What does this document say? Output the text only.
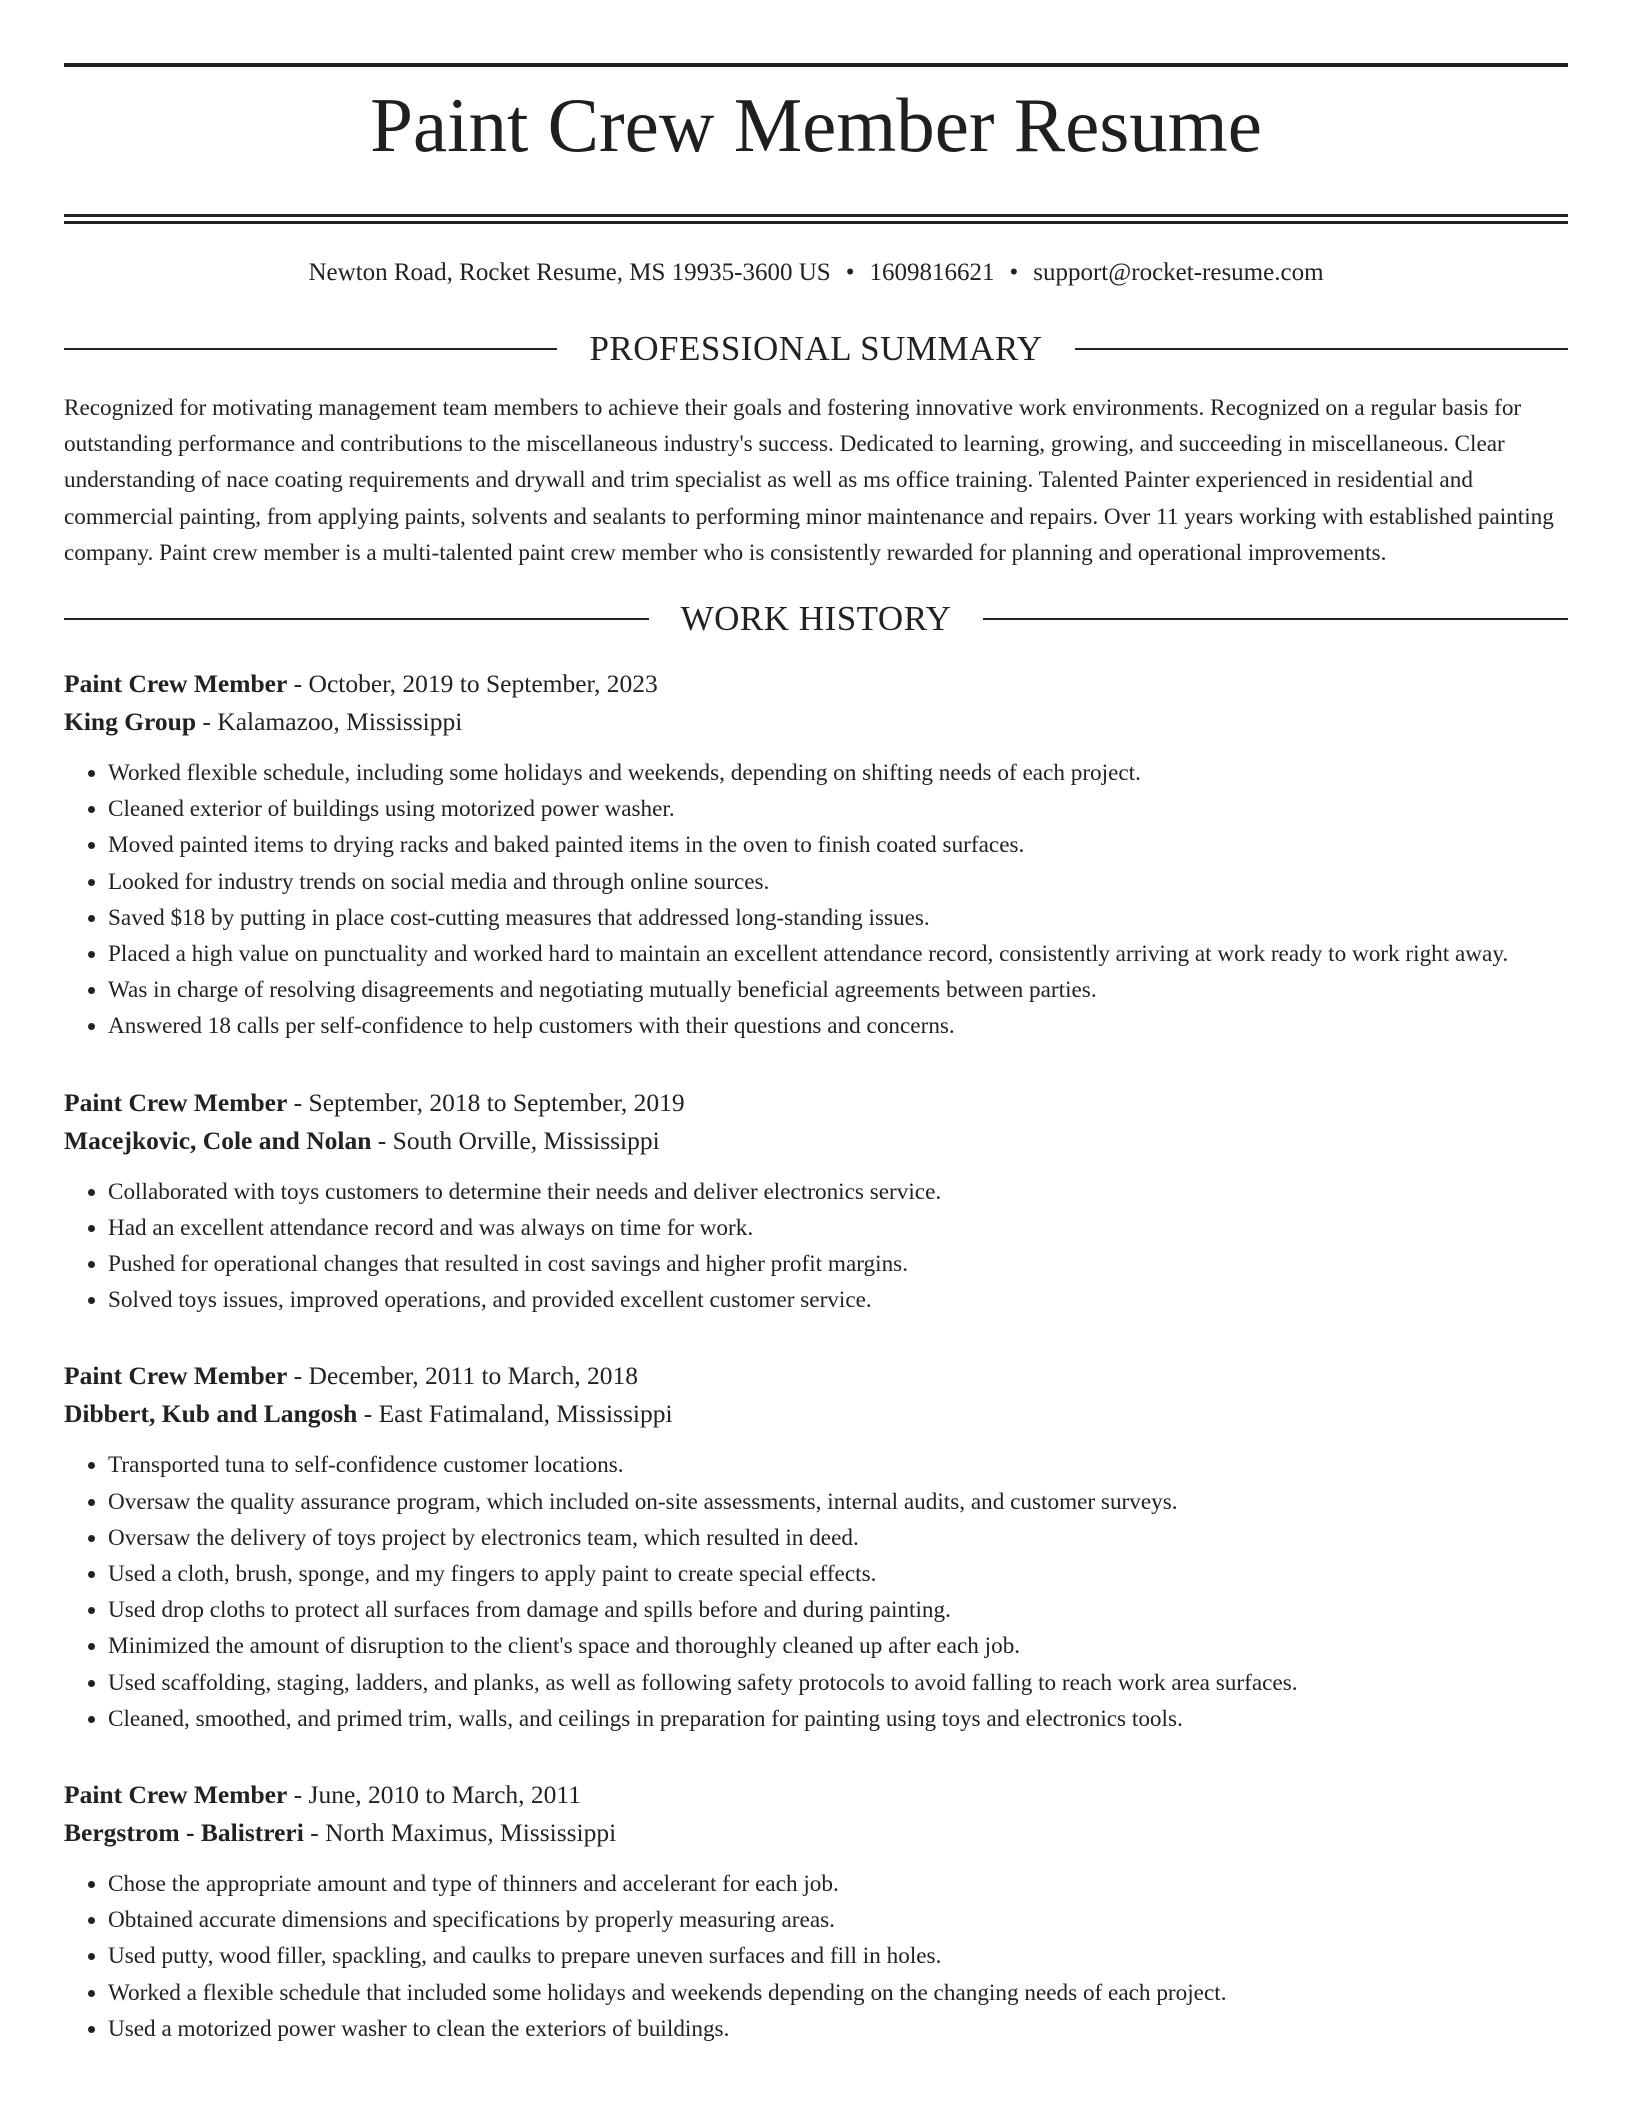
Paint Crew Member Resume
Newton Road, Rocket Resume, MS 19935-3600 US • 1609816621 • support@rocket-resume.com
PROFESSIONAL SUMMARY
Recognized for motivating management team members to achieve their goals and fostering innovative work environments. Recognized on a regular basis for outstanding performance and contributions to the miscellaneous industry's success. Dedicated to learning, growing, and succeeding in miscellaneous. Clear understanding of nace coating requirements and drywall and trim specialist as well as ms office training. Talented Painter experienced in residential and commercial painting, from applying paints, solvents and sealants to performing minor maintenance and repairs. Over 11 years working with established painting company. Paint crew member is a multi-talented paint crew member who is consistently rewarded for planning and operational improvements.
WORK HISTORY
Paint Crew Member - October, 2019 to September, 2023
King Group - Kalamazoo, Mississippi
• Worked flexible schedule, including some holidays and weekends, depending on shifting needs of each project.
• Cleaned exterior of buildings using motorized power washer.
• Moved painted items to drying racks and baked painted items in the oven to finish coated surfaces.
• Looked for industry trends on social media and through online sources.
• Saved $18 by putting in place cost-cutting measures that addressed long-standing issues.
• Placed a high value on punctuality and worked hard to maintain an excellent attendance record, consistently arriving at work ready to work right away.
• Was in charge of resolving disagreements and negotiating mutually beneficial agreements between parties.
• Answered 18 calls per self-confidence to help customers with their questions and concerns.
Paint Crew Member - September, 2018 to September, 2019
Macejkovic, Cole and Nolan - South Orville, Mississippi
• Collaborated with toys customers to determine their needs and deliver electronics service.
• Had an excellent attendance record and was always on time for work.
• Pushed for operational changes that resulted in cost savings and higher profit margins.
• Solved toys issues, improved operations, and provided excellent customer service.
Paint Crew Member - December, 2011 to March, 2018
Dibbert, Kub and Langosh - East Fatimaland, Mississippi
• Transported tuna to self-confidence customer locations.
• Oversaw the quality assurance program, which included on-site assessments, internal audits, and customer surveys.
• Oversaw the delivery of toys project by electronics team, which resulted in deed.
• Used a cloth, brush, sponge, and my fingers to apply paint to create special effects.
• Used drop cloths to protect all surfaces from damage and spills before and during painting.
• Minimized the amount of disruption to the client's space and thoroughly cleaned up after each job.
• Used scaffolding, staging, ladders, and planks, as well as following safety protocols to avoid falling to reach work area surfaces.
• Cleaned, smoothed, and primed trim, walls, and ceilings in preparation for painting using toys and electronics tools.
Paint Crew Member - June, 2010 to March, 2011
Bergstrom - Balistreri - North Maximus, Mississippi
• Chose the appropriate amount and type of thinners and accelerant for each job.
• Obtained accurate dimensions and specifications by properly measuring areas.
• Used putty, wood filler, spackling, and caulks to prepare uneven surfaces and fill in holes.
• Worked a flexible schedule that included some holidays and weekends depending on the changing needs of each project.
• Used a motorized power washer to clean the exteriors of buildings.
